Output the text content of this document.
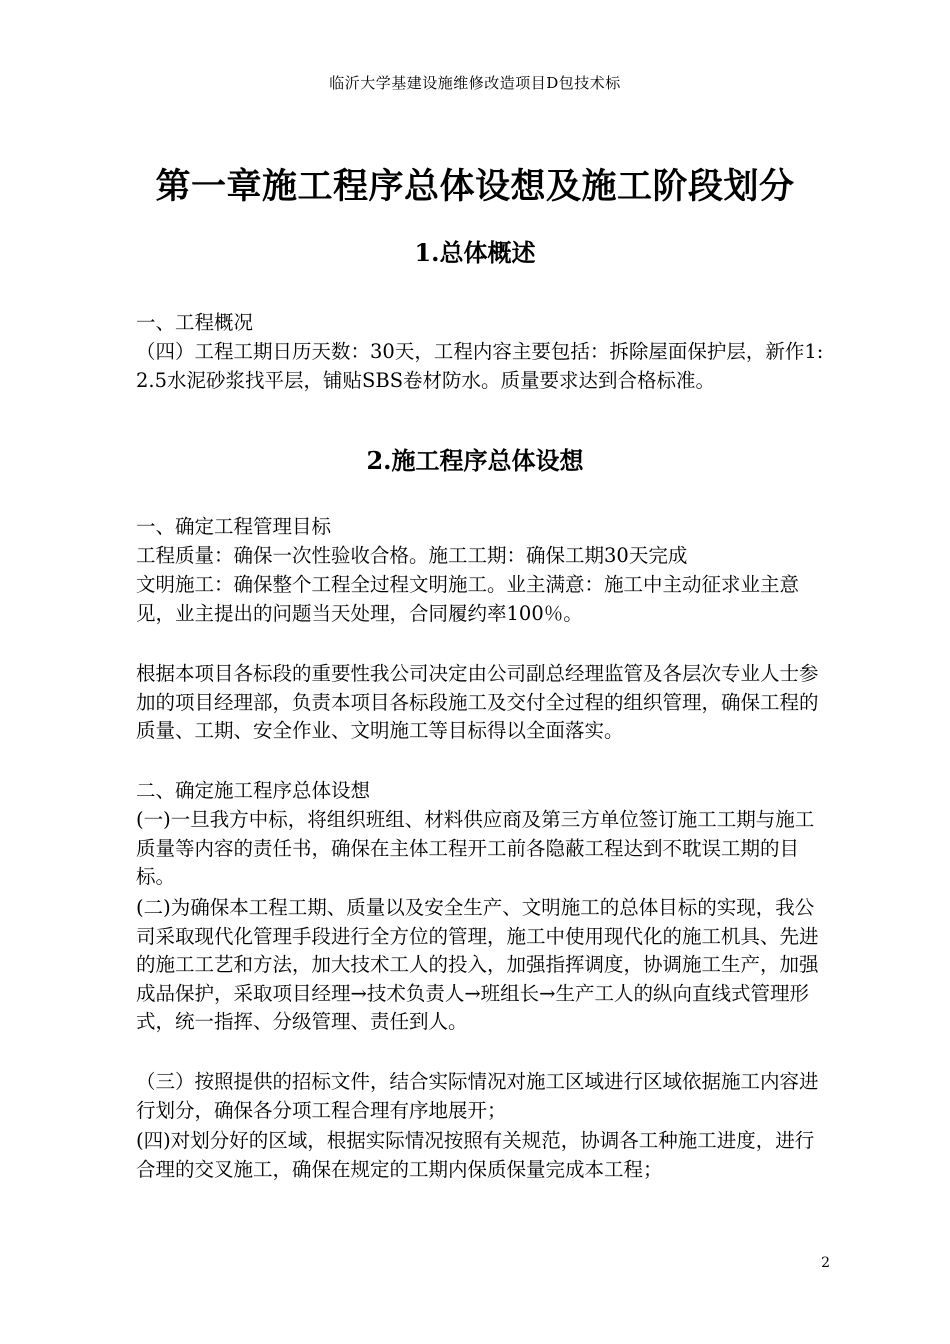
临沂大学基建设施维修改造项目D包技术标
第一章施工程序总体设想及施工阶段划分
1.总体概述

一、工程概况

（四）工程工期日历天数：30天，工程内容主要包括：拆除屋面保护层，新作1:2.5水泥砂浆找平层，铺贴SBS卷材防水。质量要求达到合格标准。

2.施工程序总体设想

一、确定工程管理目标

工程质量：确保一次性验收合格。施工工期：确保工期30天完成

文明施工：确保整个工程全过程文明施工。业主满意：施工中主动征求业主意见，业主提出的问题当天处理，合同履约率100％。

根据本项目各标段的重要性我公司决定由公司副总经理监管及各层次专业人士参加的项目经理部，负责本项目各标段施工及交付全过程的组织管理，确保工程的质量、工期、安全作业、文明施工等目标得以全面落实。

二、确定施工程序总体设想

(一)一旦我方中标，将组织班组、材料供应商及第三方单位签订施工工期与施工质量等内容的责任书，确保在主体工程开工前各隐蔽工程达到不耽误工期的目标。

(二)为确保本工程工期、质量以及安全生产、文明施工的总体目标的实现，我公司采取现代化管理手段进行全方位的管理，施工中使用现代化的施工机具、先进的施工工艺和方法，加大技术工人的投入，加强指挥调度，协调施工生产，加强成品保护，采取项目经理→技术负责人→班组长→生产工人的纵向直线式管理形式，统一指挥、分级管理、责任到人。

（三）按照提供的招标文件，结合实际情况对施工区域进行区域依据施工内容进行划分，确保各分项工程合理有序地展开；

(四)对划分好的区域，根据实际情况按照有关规范，协调各工种施工进度，进行合理的交叉施工，确保在规定的工期内保质保量完成本工程；

2
